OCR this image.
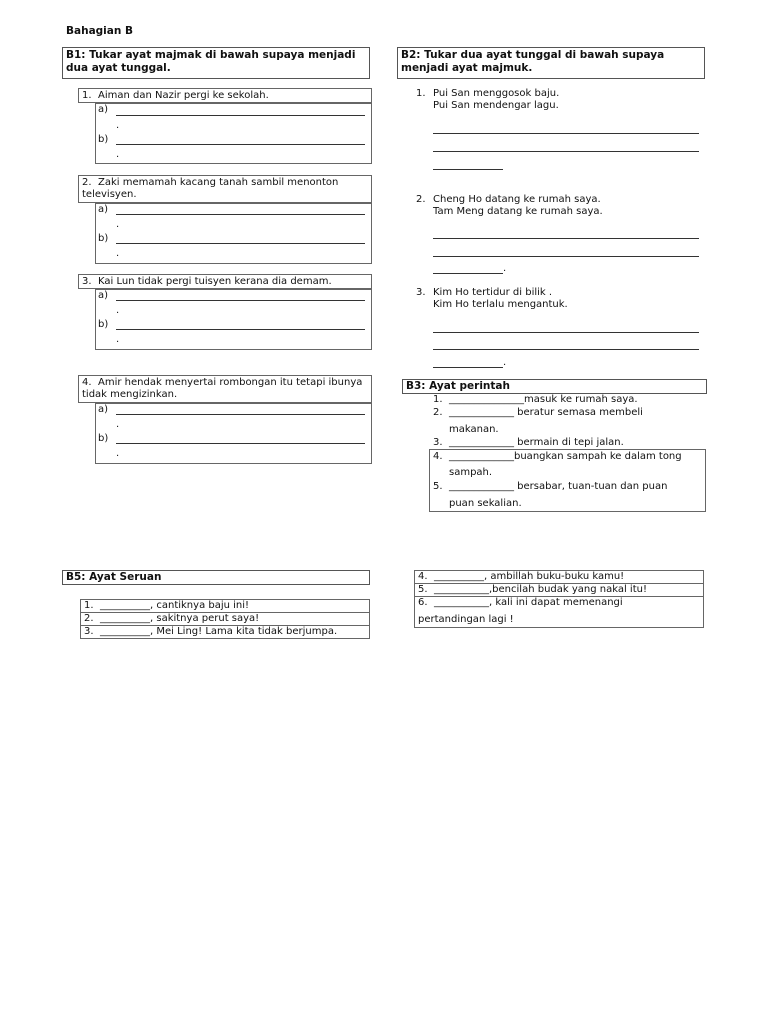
Bahagian B
B1: Tukar ayat majmak di bawah supaya menjadi dua ayat tunggal.
1. Aiman dan Nazir pergi ke sekolah.
a)
.
b)
.
2. Zaki memamah kacang tanah sambil menonton televisyen.
a)
.
b)
.
3. Kai Lun tidak pergi tuisyen kerana dia demam.
a)
.
b)
.
4. Amir hendak menyertai rombongan itu tetapi ibunya tidak mengizinkan.
a)
.
b)
.
B2: Tukar dua ayat tunggal di bawah supaya menjadi ayat majmuk.
1. Pui San menggosok baju.
Pui San mendengar lagu.
2. Cheng Ho datang ke rumah saya.
Tam Meng datang ke rumah saya.
.
3. Kim Ho tertidur di bilik .
Kim Ho terlalu mengantuk.
.
B3: Ayat perintah
1. _______________masuk ke rumah saya.
2. _____________ beratur semasa membeli
makanan.
3. _____________ bermain di tepi jalan.
4. _____________buangkan sampah ke dalam tong
sampah.
5. _____________ bersabar, tuan-tuan dan puan
puan sekalian.
B5: Ayat Seruan
1. __________, cantiknya baju ini!
2. __________, sakitnya perut saya!
3. __________, Mei Ling! Lama kita tidak berjumpa.
4. __________, ambillah buku-buku kamu!
5. ___________,bencilah budak yang nakal itu!
6. ___________, kali ini dapat memenangi
pertandingan lagi !
